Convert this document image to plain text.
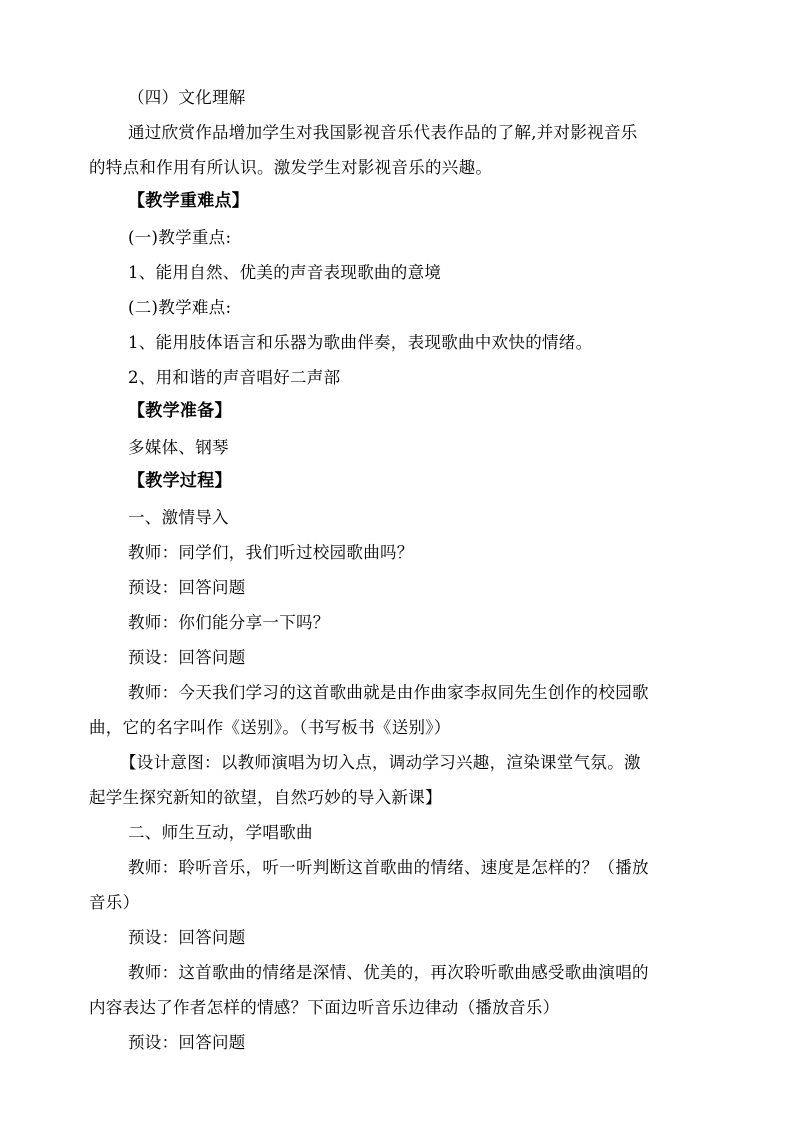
（四）文化理解
通过欣赏作品增加学生对我国影视音乐代表作品的了解,并对影视音乐
的特点和作用有所认识。激发学生对影视音乐的兴趣。
【教学重难点】
(一)教学重点:
1、能用自然、优美的声音表现歌曲的意境
(二)教学难点:
1、能用肢体语言和乐器为歌曲伴奏，表现歌曲中欢快的情绪。
2、用和谐的声音唱好二声部
【教学准备】
多媒体、钢琴
【教学过程】
一、激情导入
教师：同学们，我们听过校园歌曲吗？
预设：回答问题
教师：你们能分享一下吗？
预设：回答问题
教师：今天我们学习的这首歌曲就是由作曲家李叔同先生创作的校园歌
曲，它的名字叫作《送别》。（书写板书《送别》）
【设计意图：以教师演唱为切入点，调动学习兴趣，渲染课堂气氛。激
起学生探究新知的欲望，自然巧妙的导入新课】
二、师生互动，学唱歌曲
教师：聆听音乐，听一听判断这首歌曲的情绪、速度是怎样的？（播放
音乐）
预设：回答问题
教师：这首歌曲的情绪是深情、优美的，再次聆听歌曲感受歌曲演唱的
内容表达了作者怎样的情感？下面边听音乐边律动（播放音乐）
预设：回答问题
